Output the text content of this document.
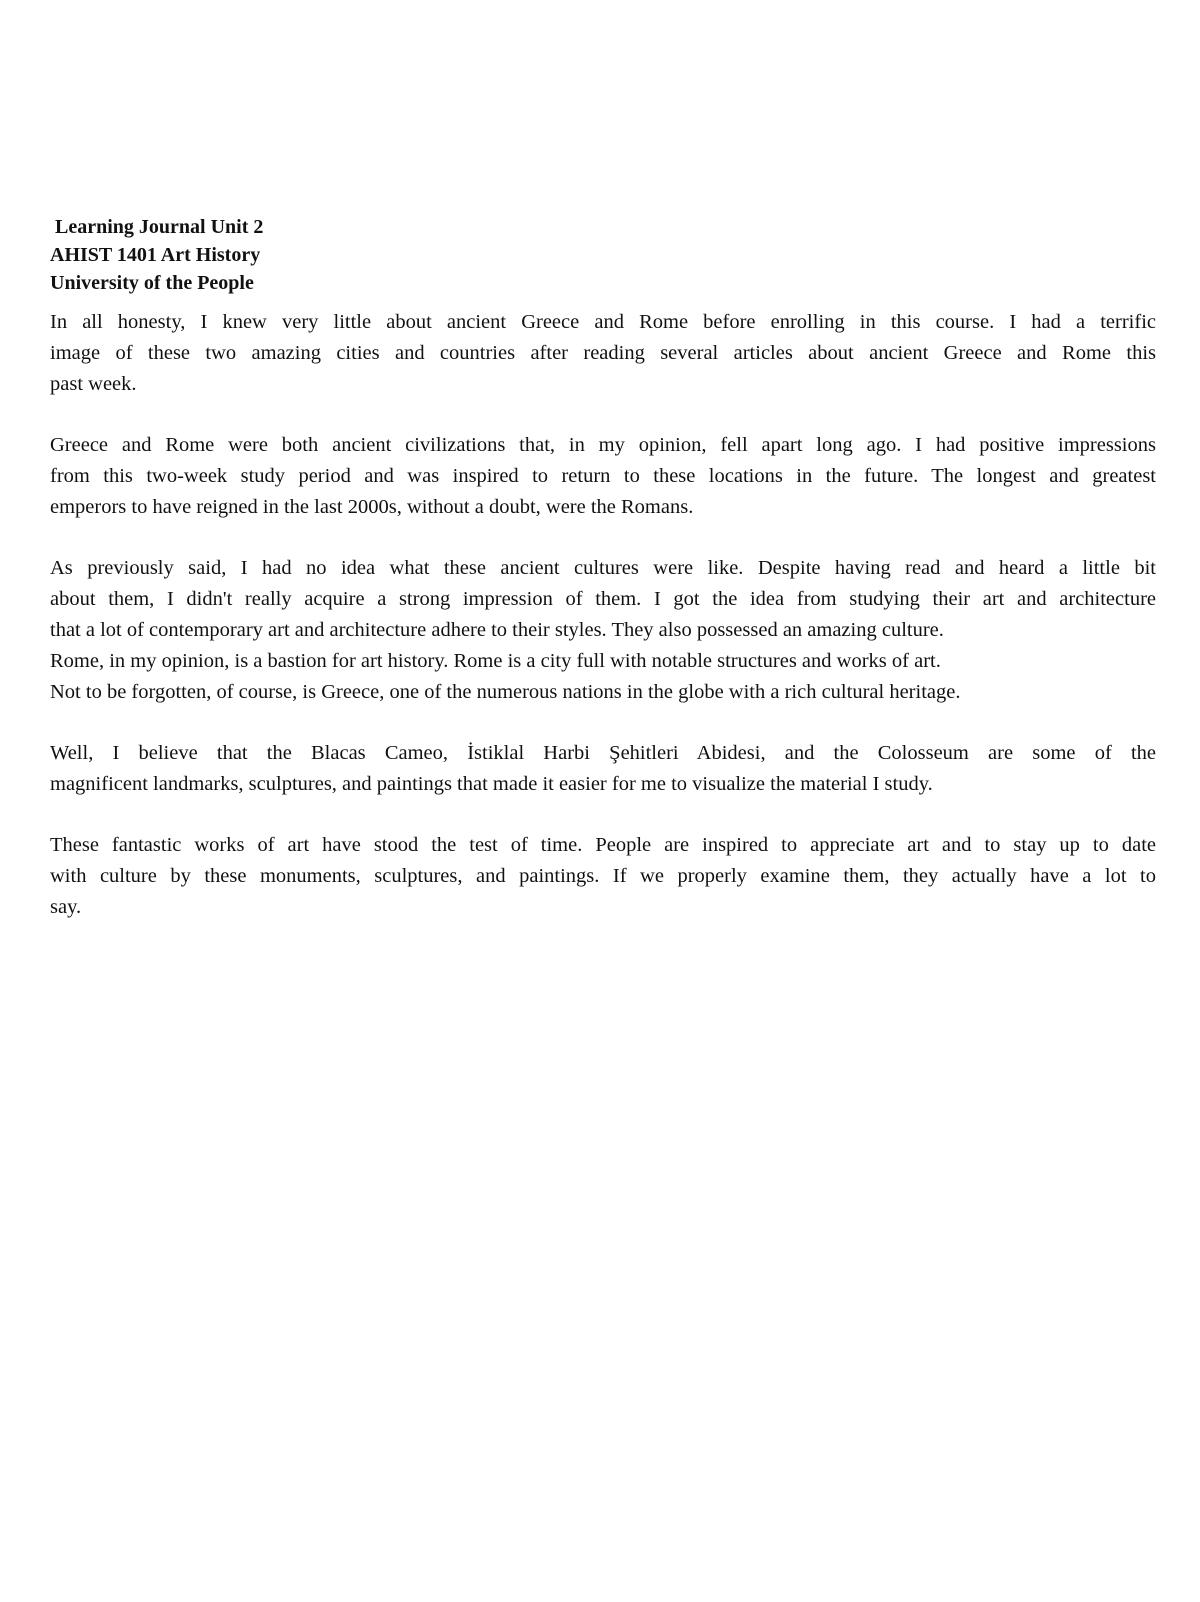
Learning Journal Unit 2

AHIST 1401 Art History

University of the People

In all honesty, I knew very little about ancient Greece and Rome before enrolling in this course. I had a terrific
image of these two amazing cities and countries after reading several articles about ancient Greece and Rome this
past week.
Greece and Rome were both ancient civilizations that, in my opinion, fell apart long ago. I had positive impressions
from this two-week study period and was inspired to return to these locations in the future. The longest and greatest
emperors to have reigned in the last 2000s, without a doubt, were the Romans.
As previously said, I had no idea what these ancient cultures were like. Despite having read and heard a little bit
about them, I didn't really acquire a strong impression of them. I got the idea from studying their art and architecture
that a lot of contemporary art and architecture adhere to their styles. They also possessed an amazing culture.
Rome, in my opinion, is a bastion for art history. Rome is a city full with notable structures and works of art.
Not to be forgotten, of course, is Greece, one of the numerous nations in the globe with a rich cultural heritage.
Well, I believe that the Blacas Cameo, İstiklal Harbi Şehitleri Abidesi, and the Colosseum are some of the
magnificent landmarks, sculptures, and paintings that made it easier for me to visualize the material I study.
These fantastic works of art have stood the test of time. People are inspired to appreciate art and to stay up to date
with culture by these monuments, sculptures, and paintings. If we properly examine them, they actually have a lot to
say.
